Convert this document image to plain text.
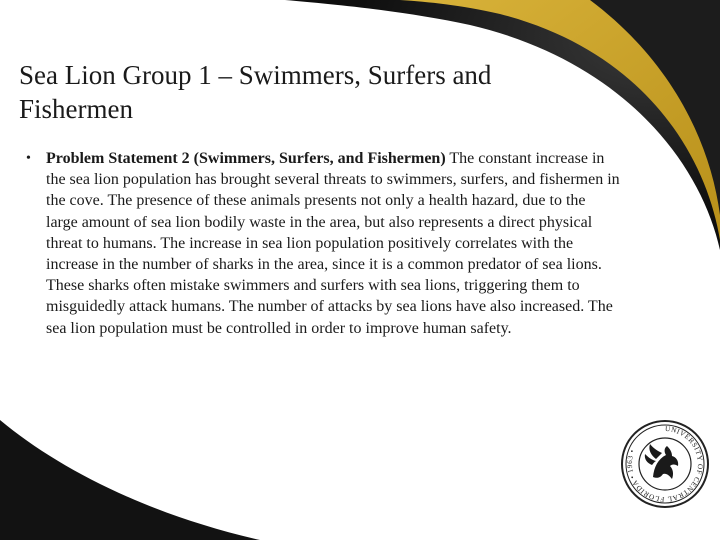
Sea Lion Group 1 – Swimmers, Surfers and Fishermen
• Problem Statement 2 (Swimmers, Surfers, and Fishermen) The constant increase in the sea lion population has brought several threats to swimmers, surfers, and fishermen in the cove. The presence of these animals presents not only a health hazard, due to the large amount of sea lion bodily waste in the area, but also represents a direct physical threat to humans. The increase in sea lion population positively correlates with the increase in the number of sharks in the area, since it is a common predator of sea lions. These sharks often mistake swimmers and surfers with sea lions, triggering them to misguidedly attack humans. The number of attacks by sea lions have also increased. The sea lion population must be controlled in order to improve human safety.
UNIVERSITY OF CENTRAL FLORIDA • 1963 •
